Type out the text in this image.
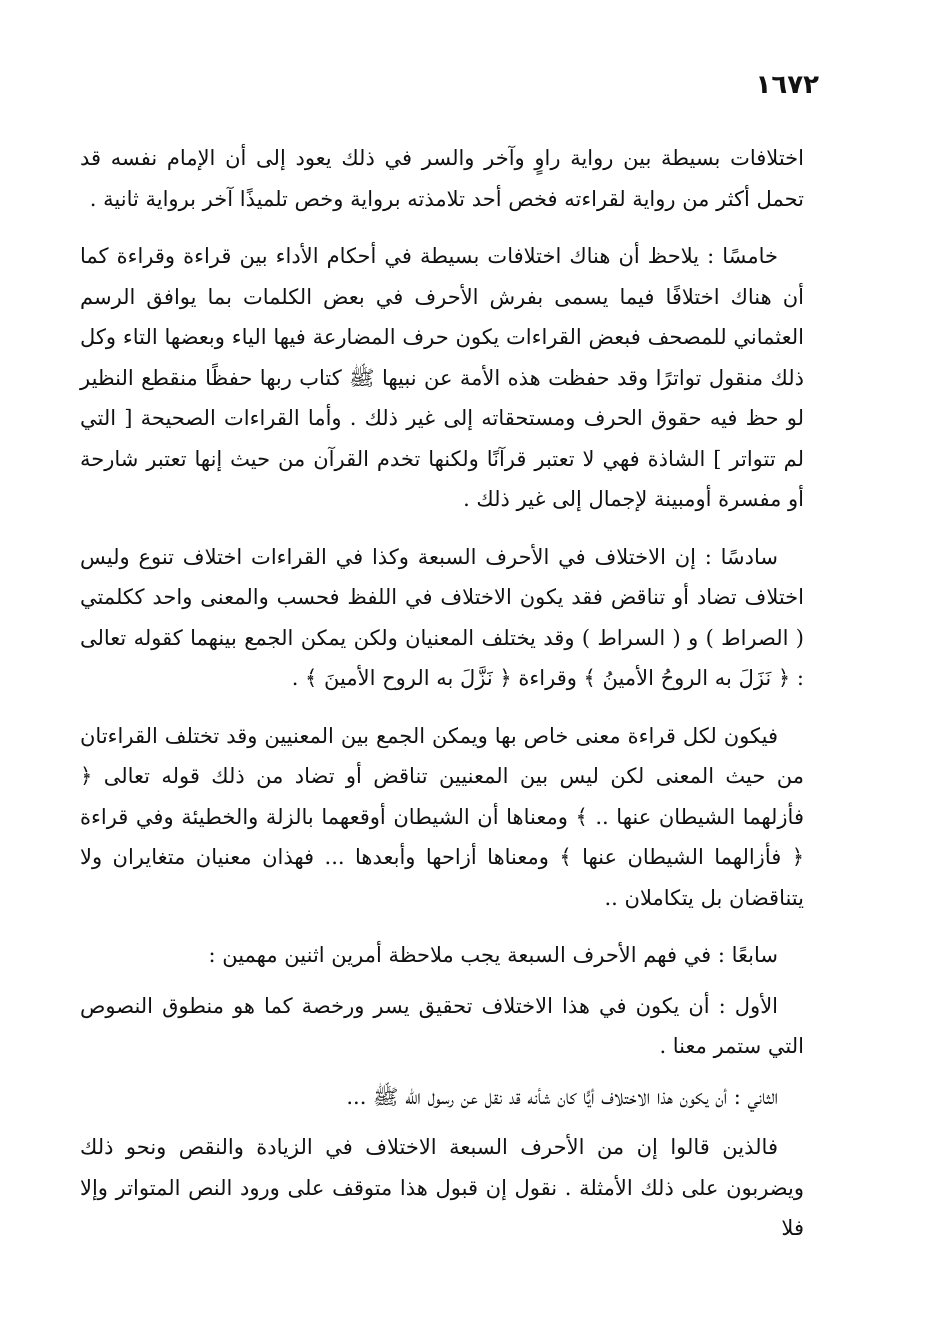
١٦٧٢

اختلافات بسيطة بين رواية راوٍ وآخر والسر في ذلك يعود إلى أن الإمام نفسه قد تحمل أكثر من رواية لقراءته فخص أحد تلامذته برواية وخص تلميذًا آخر برواية ثانية .

خامسًا : يلاحظ أن هناك اختلافات بسيطة في أحكام الأداء بين قراءة وقراءة كما أن هناك اختلافًا فيما يسمى بفرش الأحرف في بعض الكلمات بما يوافق الرسم العثماني للمصحف فبعض القراءات يكون حرف المضارعة فيها الياء وبعضها التاء وكل ذلك منقول تواترًا وقد حفظت هذه الأمة عن نبيها ﷺ كتاب ربها حفظًا منقطع النظير لو حظ فيه حقوق الحرف ومستحقاته إلى غير ذلك . وأما القراءات الصحيحة [ التي لم تتواتر ] الشاذة فهي لا تعتبر قرآنًا ولكنها تخدم القرآن من حيث إنها تعتبر شارحة أو مفسرة أومبينة لإجمال إلى غير ذلك .

سادسًا : إن الاختلاف في الأحرف السبعة وكذا في القراءات اختلاف تنوع وليس اختلاف تضاد أو تناقض فقد يكون الاختلاف في اللفظ فحسب والمعنى واحد ككلمتي ( الصراط ) و ( السراط ) وقد يختلف المعنيان ولكن يمكن الجمع بينهما كقوله تعالى : ﴿ نَزَلَ به الروحُ الأمينُ ﴾ وقراءة ﴿ نَزَّلَ به الروح الأمينَ ﴾ .

فيكون لكل قراءة معنى خاص بها ويمكن الجمع بين المعنيين وقد تختلف القراءتان من حيث المعنى لكن ليس بين المعنيين تناقض أو تضاد من ذلك قوله تعالى ﴿ فأزلهما الشيطان عنها .. ﴾ ومعناها أن الشيطان أوقعهما بالزلة والخطيئة وفي قراءة ﴿ فأزالهما الشيطان عنها ﴾ ومعناها أزاحها وأبعدها ... فهذان معنيان متغايران ولا يتناقضان بل يتكاملان ..

سابعًا : في فهم الأحرف السبعة يجب ملاحظة أمرين اثنين مهمين :

الأول : أن يكون في هذا الاختلاف تحقيق يسر ورخصة كما هو منطوق النصوص التي ستمر معنا .

الثاني : أن يكون هذا الاختلاف أيًّا كان شأنه قد نقل عن رسول الله ﷺ ...

فالذين قالوا إن من الأحرف السبعة الاختلاف في الزيادة والنقص ونحو ذلك ويضربون على ذلك الأمثلة . نقول إن قبول هذا متوقف على ورود النص المتواتر وإلا فلا
